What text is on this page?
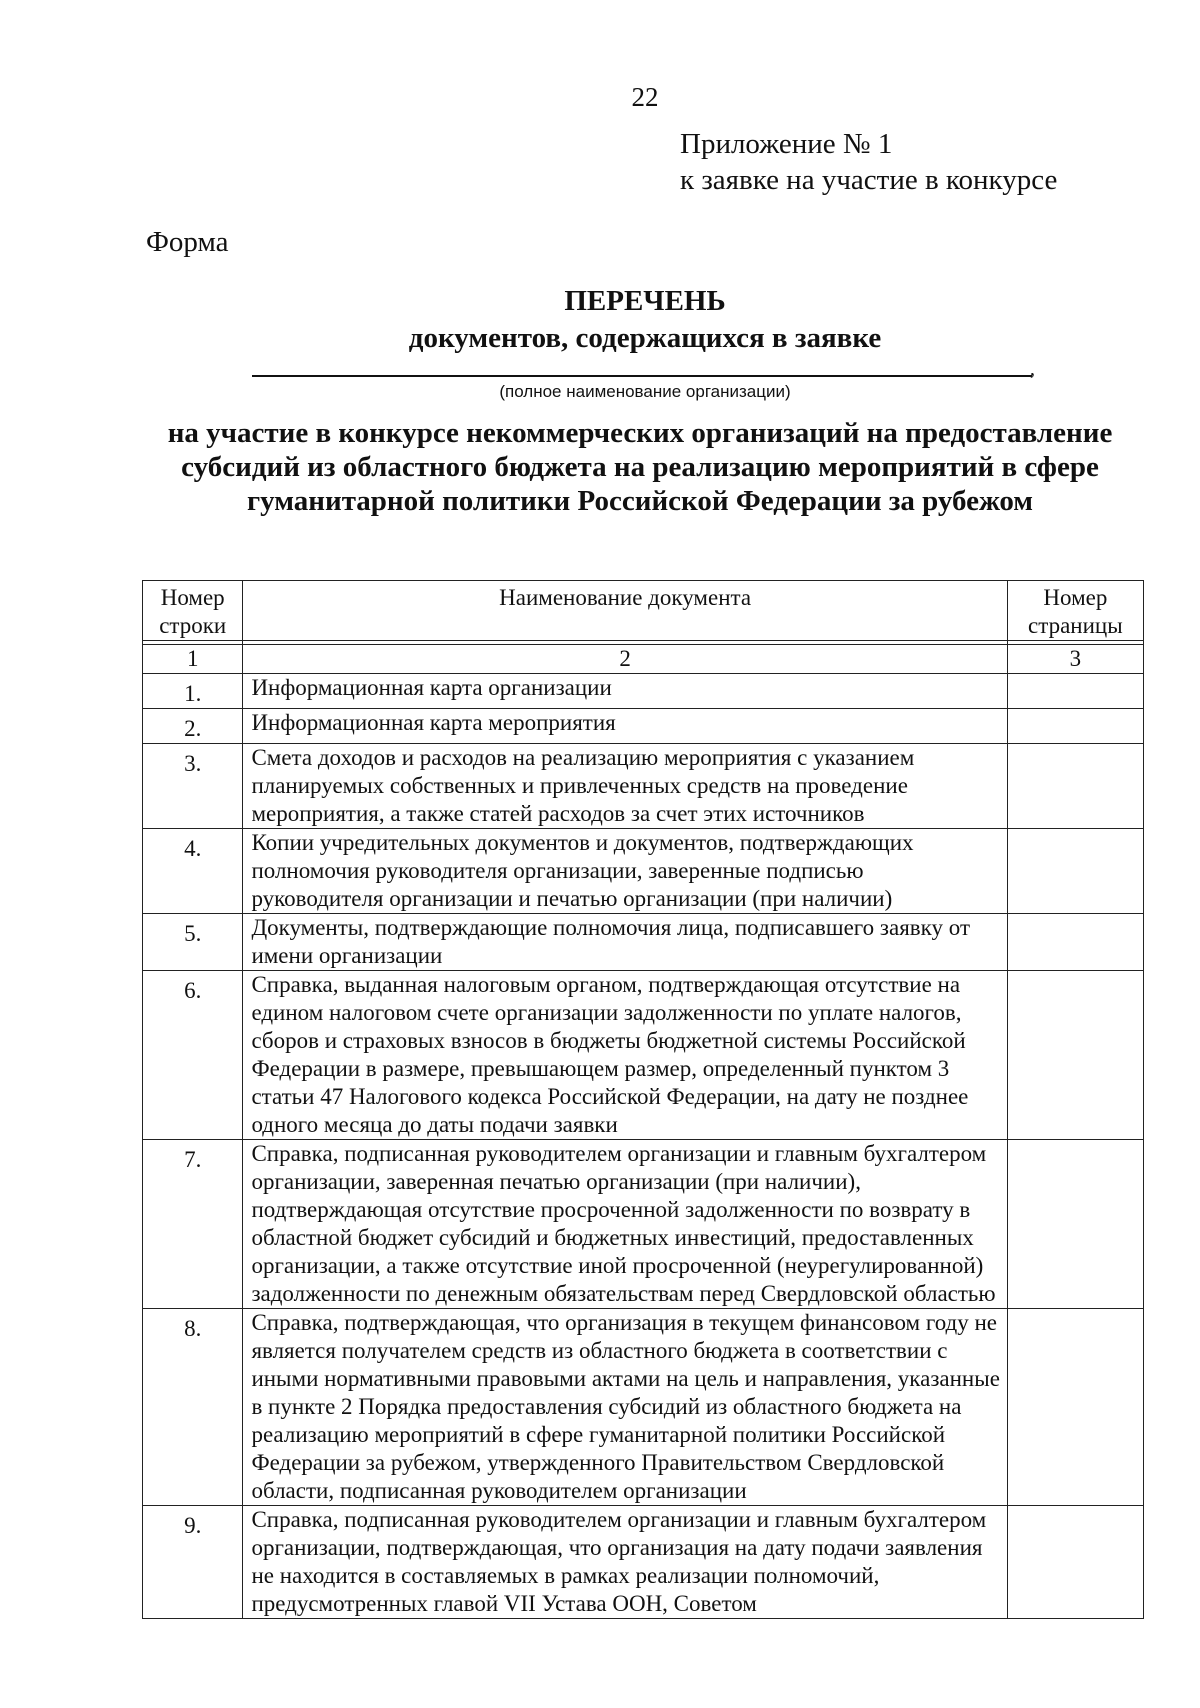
22
Приложение № 1
к заявке на участие в конкурсе
Форма
ПЕРЕЧЕНЬ
документов, содержащихся в заявке
,
(полное наименование организации)
на участие в конкурсе некоммерческих организаций на предоставление
субсидий из областного бюджета на реализацию мероприятий в сфере
гуманитарной политики Российской Федерации за рубежом
Номер строки	Наименование документа	Номер страницы

1	2	3
1.	Информационная карта организации	
2.	Информационная карта мероприятия	
3.	Смета доходов и расходов на реализацию мероприятия с указанием планируемых собственных и привлеченных средств на проведение мероприятия, а также статей расходов за счет этих источников	
4.	Копии учредительных документов и документов, подтверждающих полномочия руководителя организации, заверенные подписью руководителя организации и печатью организации (при наличии)	
5.	Документы, подтверждающие полномочия лица, подписавшего заявку от имени организации	
6.	Справка, выданная налоговым органом, подтверждающая отсутствие на едином налоговом счете организации задолженности по уплате налогов, сборов и страховых взносов в бюджеты бюджетной системы Российской Федерации в размере, превышающем размер, определенный пунктом 3 статьи 47 Налогового кодекса Российской Федерации, на дату не позднее одного месяца до даты подачи заявки	
7.	Справка, подписанная руководителем организации и главным бухгалтером организации, заверенная печатью организации (при наличии), подтверждающая отсутствие просроченной задолженности по возврату в областной бюджет субсидий и бюджетных инвестиций, предоставленных организации, а также отсутствие иной просроченной (неурегулированной) задолженности по денежным обязательствам перед Свердловской областью	
8.	Справка, подтверждающая, что организация в текущем финансовом году не является получателем средств из областного бюджета в соответствии с иными нормативными правовыми актами на цель и направления, указанные в пункте 2 Порядка предоставления субсидий из областного бюджета на реализацию мероприятий в сфере гуманитарной политики Российской Федерации за рубежом, утвержденного Правительством Свердловской области, подписанная руководителем организации	
9.	Справка, подписанная руководителем организации и главным бухгалтером организации, подтверждающая, что организация на дату подачи заявления не находится в составляемых в рамках реализации полномочий, предусмотренных главой VII Устава ООН, Советом	
